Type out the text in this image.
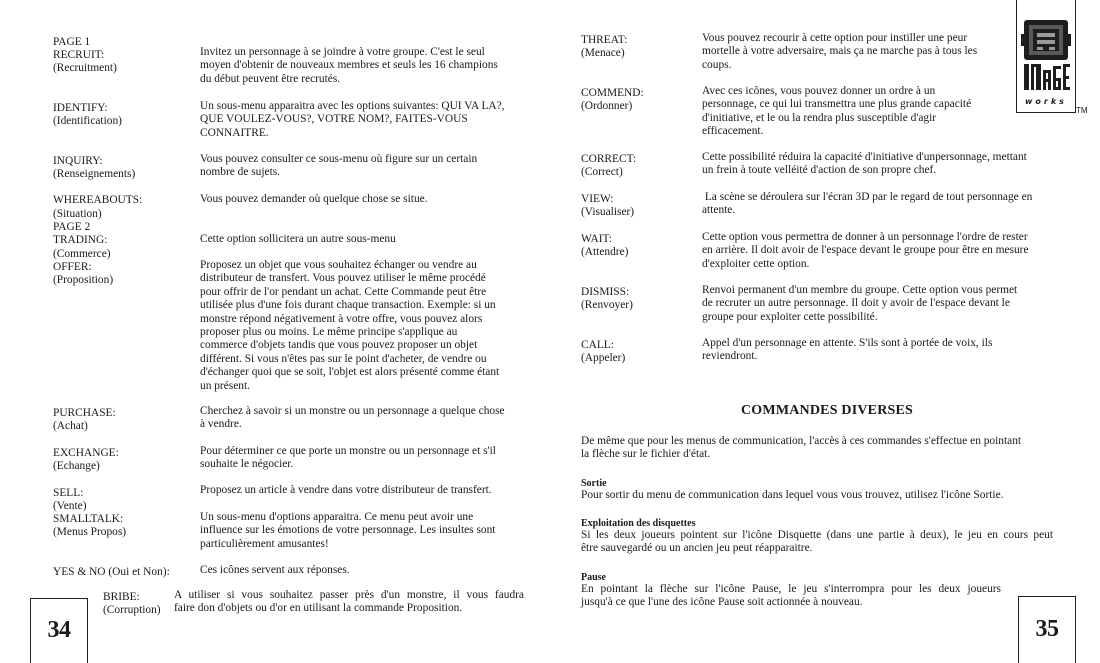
PAGE 1
RECRUIT:
(Recruitment)
Invitez un personnage à se joindre à votre groupe. C'est le seul
moyen d'obtenir de nouveaux membres et seuls les 16 champions
du début peuvent être recrutés.
IDENTIFY:
(Identification)
Un sous-menu apparaitra avec les options suivantes: QUI VA LA?,
QUE VOULEZ-VOUS?, VOTRE NOM?, FAITES-VOUS
CONNAITRE.
INQUIRY:
(Renseignements)
Vous pouvez consulter ce sous-menu où figure sur un certain
nombre de sujets.
WHEREABOUTS:
(Situation)
Vous pouvez demander où quelque chose se situe.
PAGE 2
TRADING:
(Commerce)
Cette option sollicitera un autre sous-menu
OFFER:
(Proposition)
Proposez un objet que vous souhaitez échanger ou vendre au
distributeur de transfert. Vous pouvez utiliser le même procédé
pour offrir de l'or pendant un achat. Cette Commande peut être
utilisée plus d'une fois durant chaque transaction. Exemple: si un
monstre répond négativement à votre offre, vous pouvez alors
proposer plus ou moins. Le même principe s'applique au
commerce d'objets tandis que vous pouvez proposer un objet
différent. Si vous n'êtes pas sur le point d'acheter, de vendre ou
d'échanger quoi que se soit, l'objet est alors présenté comme étant
un présent.
PURCHASE:
(Achat)
Cherchez à savoir si un monstre ou un personnage a quelque chose
à vendre.
EXCHANGE:
(Echange)
Pour déterminer ce que porte un monstre ou un personnage et s'il
souhaite le négocier.
SELL:
(Vente)
Proposez un article à vendre dans votre distributeur de transfert.
SMALLTALK:
(Menus Propos)
Un sous-menu d'options apparaitra. Ce menu peut avoir une
influence sur les émotions de votre personnage. Les insultes sont
particulièrement amusantes!
YES & NO (Oui et Non):	Ces icônes servent aux réponses.
BRIBE:
(Corruption)
A utiliser si vous souhaitez passer près d'un monstre, il vous faudra
faire don d'objets ou d'or en utilisant la commande Proposition.
34
THREAT:
(Menace)
Vous pouvez recourir à cette option pour instiller une peur
mortelle à votre adversaire, mais ça ne marche pas à tous les
coups.
COMMEND:
(Ordonner)
Avec ces icônes, vous pouvez donner un ordre à un
personnage, ce qui lui transmettra une plus grande capacité
d'initiative, et le ou la rendra plus susceptible d'agir
efficacement.
CORRECT:
(Correct)
Cette possibilité réduira la capacité d'initiative d'unpersonnage, mettant
un frein à toute velléité d'action de son propre chef.
VIEW:
(Visualiser)
La scène se déroulera sur l'écran 3D par le regard de tout personnage en
attente.
WAIT:
(Attendre)
Cette option vous permettra de donner à un personnage l'ordre de rester
en arrière. Il doit avoir de l'espace devant le groupe pour être en mesure
d'exploiter cette option.
DISMISS:
(Renvoyer)
Renvoi permanent d'un membre du groupe. Cette option vous permet
de recruter un autre personnage. Il doit y avoir de l'espace devant le
groupe pour exploiter cette possibilité.
CALL:
(Appeler)
Appel d'un personnage en attente. S'ils sont à portée de voix, ils
reviendront.
COMMANDES DIVERSES
De même que pour les menus de communication, l'accès à ces commandes s'effectue en pointant
la flèche sur le fichier d'état.
Sortie
Pour sortir du menu de communication dans lequel vous vous trouvez, utilisez l'icône Sortie.
Exploitation des disquettes
Si les deux joueurs pointent sur l'icône Disquette (dans une partie à deux), le jeu en cours peut
être sauvegardé ou un ancien jeu peut réapparaitre.
Pause
En pointant la flèche sur l'icône Pause, le jeu s'interrompra pour les deux joueurs
jusqu'à ce que l'une des icône Pause soit actionnée à nouveau.
35
works
TM
